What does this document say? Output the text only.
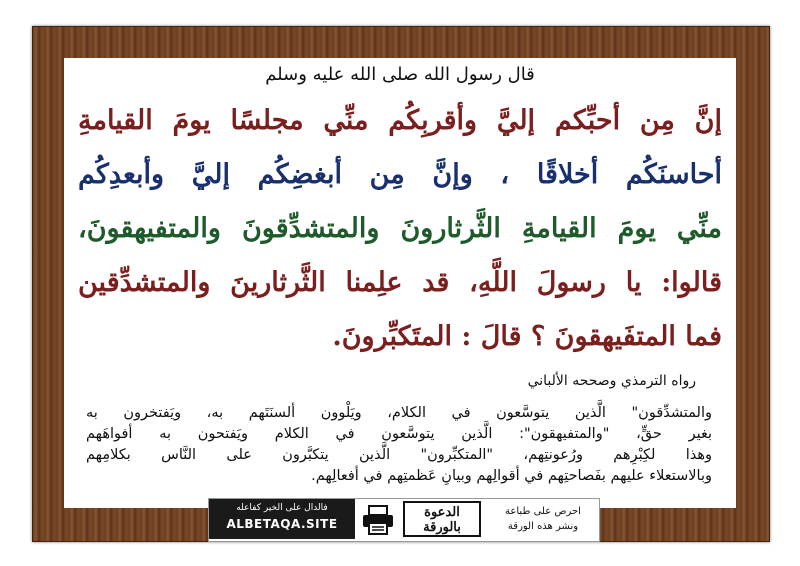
قال رسول الله صلى الله عليه وسلم
إنَّ مِن أحبِّكم إليَّ وأقربِكُم منِّي مجلسًا يومَ القيامةِ
أحاسنَكُم أخلاقًا ، وإنَّ مِن أبغضِكُم إليَّ وأبعدِكُم
منِّي يومَ القيامةِ الثَّرثارونَ والمتشدِّقونَ والمتفيهقونَ،
قالوا: يا رسولَ اللَّهِ، قد علِمنا الثَّرثارينَ والمتشدِّقين
فما المتفَيهقونَ ؟ قالَ : المتَكبِّرونَ.
رواه الترمذي وصححه الألباني
والمتشدِّقون" الَّذين يتوسَّعون في الكلام، ويَلْوون ألسنَتَهم به، ويَفتخرون به
بغير حقٍّ، "والمتفيهقون": الَّذين يتوسَّعون في الكلام ويَفتحون به أفواهَهم
وهذا لكِبْرِهم ورُعونتِهم، "المتكبِّرون" الَّذين يتكبَّرون على النَّاس بكلامِهم
وبالاستعلاء عليهم بفَصاحتِهم في أقوالِهم وبيانِ عَظمتِهم في أفعالِهم.
فالدال على الخير كفاعله
ALBETAQA.SITE
الدعوة
بالورقة
احرص على طباعة
ونشر هذه الورقة
